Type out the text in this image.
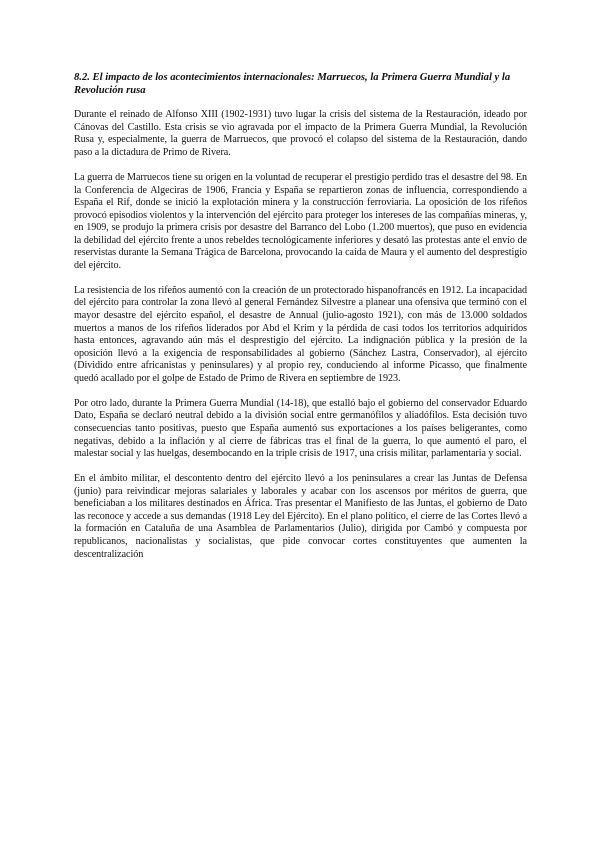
8.2. El impacto de los acontecimientos internacionales: Marruecos, la Primera Guerra Mundial y la Revolución rusa

Durante el reinado de Alfonso XIII (1902-1931) tuvo lugar la crisis del sistema de la Restauración, ideado por Cánovas del Castillo. Esta crisis se vio agravada por el impacto de la Primera Guerra Mundial, la Revolución Rusa y, especialmente, la guerra de Marruecos, que provocó el colapso del sistema de la Restauración, dando paso a la dictadura de Primo de Rivera.

La guerra de Marruecos tiene su origen en la voluntad de recuperar el prestigio perdido tras el desastre del 98. En la Conferencia de Algeciras de 1906, Francia y España se repartieron zonas de influencia, correspondiendo a España el Rif, donde se inició la explotación minera y la construcción ferroviaria. La oposición de los rifeños provocó episodios violentos y la intervención del ejército para proteger los intereses de las compañías mineras, y, en 1909, se produjo la primera crisis por desastre del Barranco del Lobo (1.200 muertos), que puso en evidencia la debilidad del ejército frente a unos rebeldes tecnológicamente inferiores y desató las protestas ante el envío de reservistas durante la Semana Trágica de Barcelona, provocando la caída de Maura y el aumento del desprestigio del ejército.

La resistencia de los rifeños aumentó con la creación de un protectorado hispanofrancés en 1912. La incapacidad del ejército para controlar la zona llevó al general Fernández Silvestre a planear una ofensiva que terminó con el mayor desastre del ejército español, el desastre de Annual (julio-agosto 1921), con más de 13.000 soldados muertos a manos de los rifeños liderados por Abd el Krim y la pérdida de casi todos los territorios adquiridos hasta entonces, agravando aún más el desprestigio del ejército. La indignación pública y la presión de la oposición llevó a la exigencia de responsabilidades al gobierno (Sánchez Lastra, Conservador), al ejército (Dividido entre africanistas y peninsulares) y al propio rey, conduciendo al informe Picasso, que finalmente quedó acallado por el golpe de Estado de Primo de Rivera en septiembre de 1923.

Por otro lado, durante la Primera Guerra Mundial (14-18), que estalló bajo el gobierno del conservador Eduardo Dato, España se declaró neutral debido a la división social entre germanófilos y aliadófilos. Esta decisión tuvo consecuencias tanto positivas, puesto que España aumentó sus exportaciones a los países beligerantes, como negativas, debido a la inflación y al cierre de fábricas tras el final de la guerra, lo que aumentó el paro, el malestar social y las huelgas, desembocando en la triple crisis de 1917, una crisis militar, parlamentaria y social.

En el ámbito militar, el descontento dentro del ejército llevó a los peninsulares a crear las Juntas de Defensa (junio) para reivindicar mejoras salariales y laborales y acabar con los ascensos por méritos de guerra, que beneficiaban a los militares destinados en África. Tras presentar el Manifiesto de las Juntas, el gobierno de Dato las reconoce y accede a sus demandas (1918 Ley del Ejército). En el plano político, el cierre de las Cortes llevó a la formación en Cataluña de una Asamblea de Parlamentarios (Julio), dirigida por Cambó y compuesta por republicanos, nacionalistas y socialistas, que pide convocar cortes constituyentes que aumenten la descentralización
